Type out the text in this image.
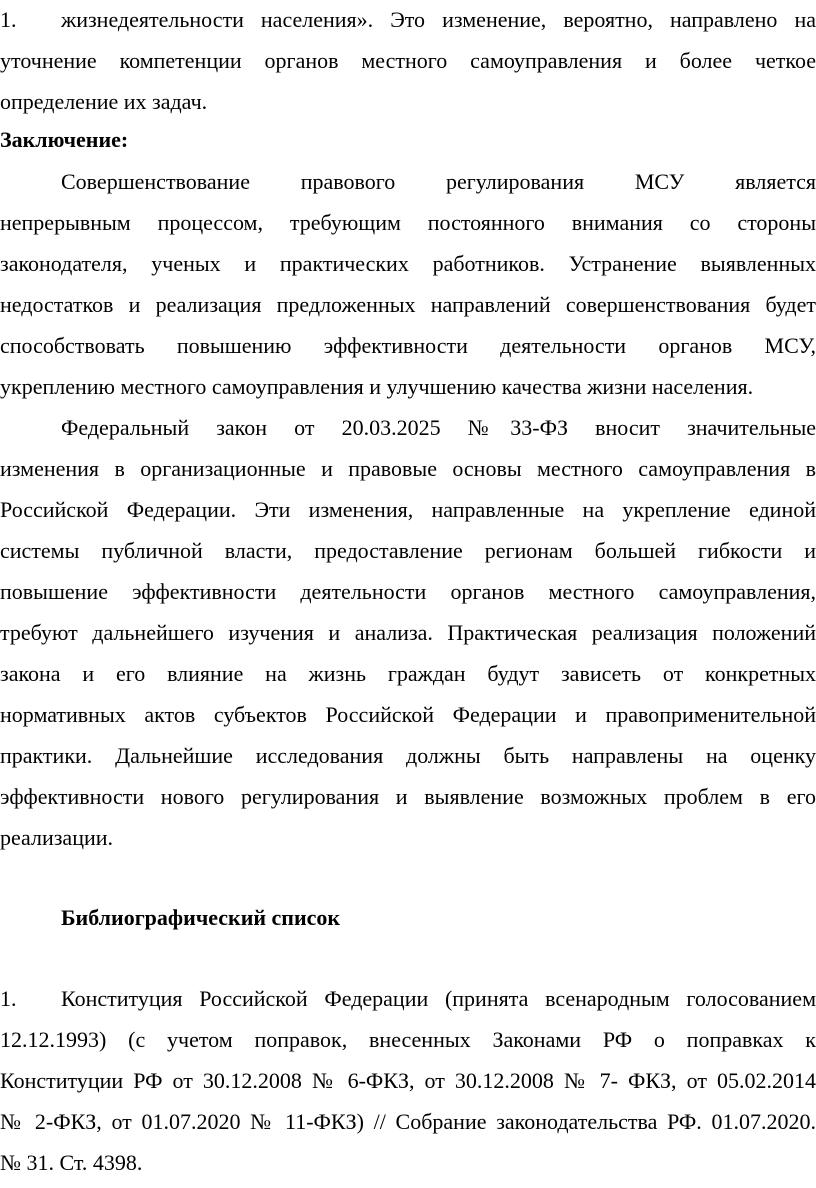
1. жизнедеятельности населения». Это изменение, вероятно, направлено на
уточнение компетенции органов местного самоуправления и более четкое
определение их задач.
Заключение:
Совершенствование правового регулирования МСУ является
непрерывным процессом, требующим постоянного внимания со стороны
законодателя, ученых и практических работников. Устранение выявленных
недостатков и реализация предложенных направлений совершенствования будет
способствовать повышению эффективности деятельности органов МСУ,
укреплению местного самоуправления и улучшению качества жизни населения.
Федеральный закон от 20.03.2025 №33-ФЗ вносит значительные
изменения в организационные и правовые основы местного самоуправления в
Российской Федерации. Эти изменения, направленные на укрепление единой
системы публичной власти, предоставление регионам большей гибкости и
повышение эффективности деятельности органов местного самоуправления,
требуют дальнейшего изучения и анализа. Практическая реализация положений
закона и его влияние на жизнь граждан будут зависеть от конкретных
нормативных актов субъектов Российской Федерации и правоприменительной
практики. Дальнейшие исследования должны быть направлены на оценку
эффективности нового регулирования и выявление возможных проблем в его
реализации.
Библиографический список
1. Конституция Российской Федерации (принята всенародным голосованием
12.12.1993) (с учетом поправок, внесенных Законами РФ о поправках к
Конституции РФ от 30.12.2008 № 6-ФКЗ, от 30.12.2008 № 7- ФКЗ, от 05.02.2014
№ 2-ФКЗ, от 01.07.2020 № 11-ФКЗ) // Собрание законодательства РФ. 01.07.2020.
№ 31. Ст. 4398.
